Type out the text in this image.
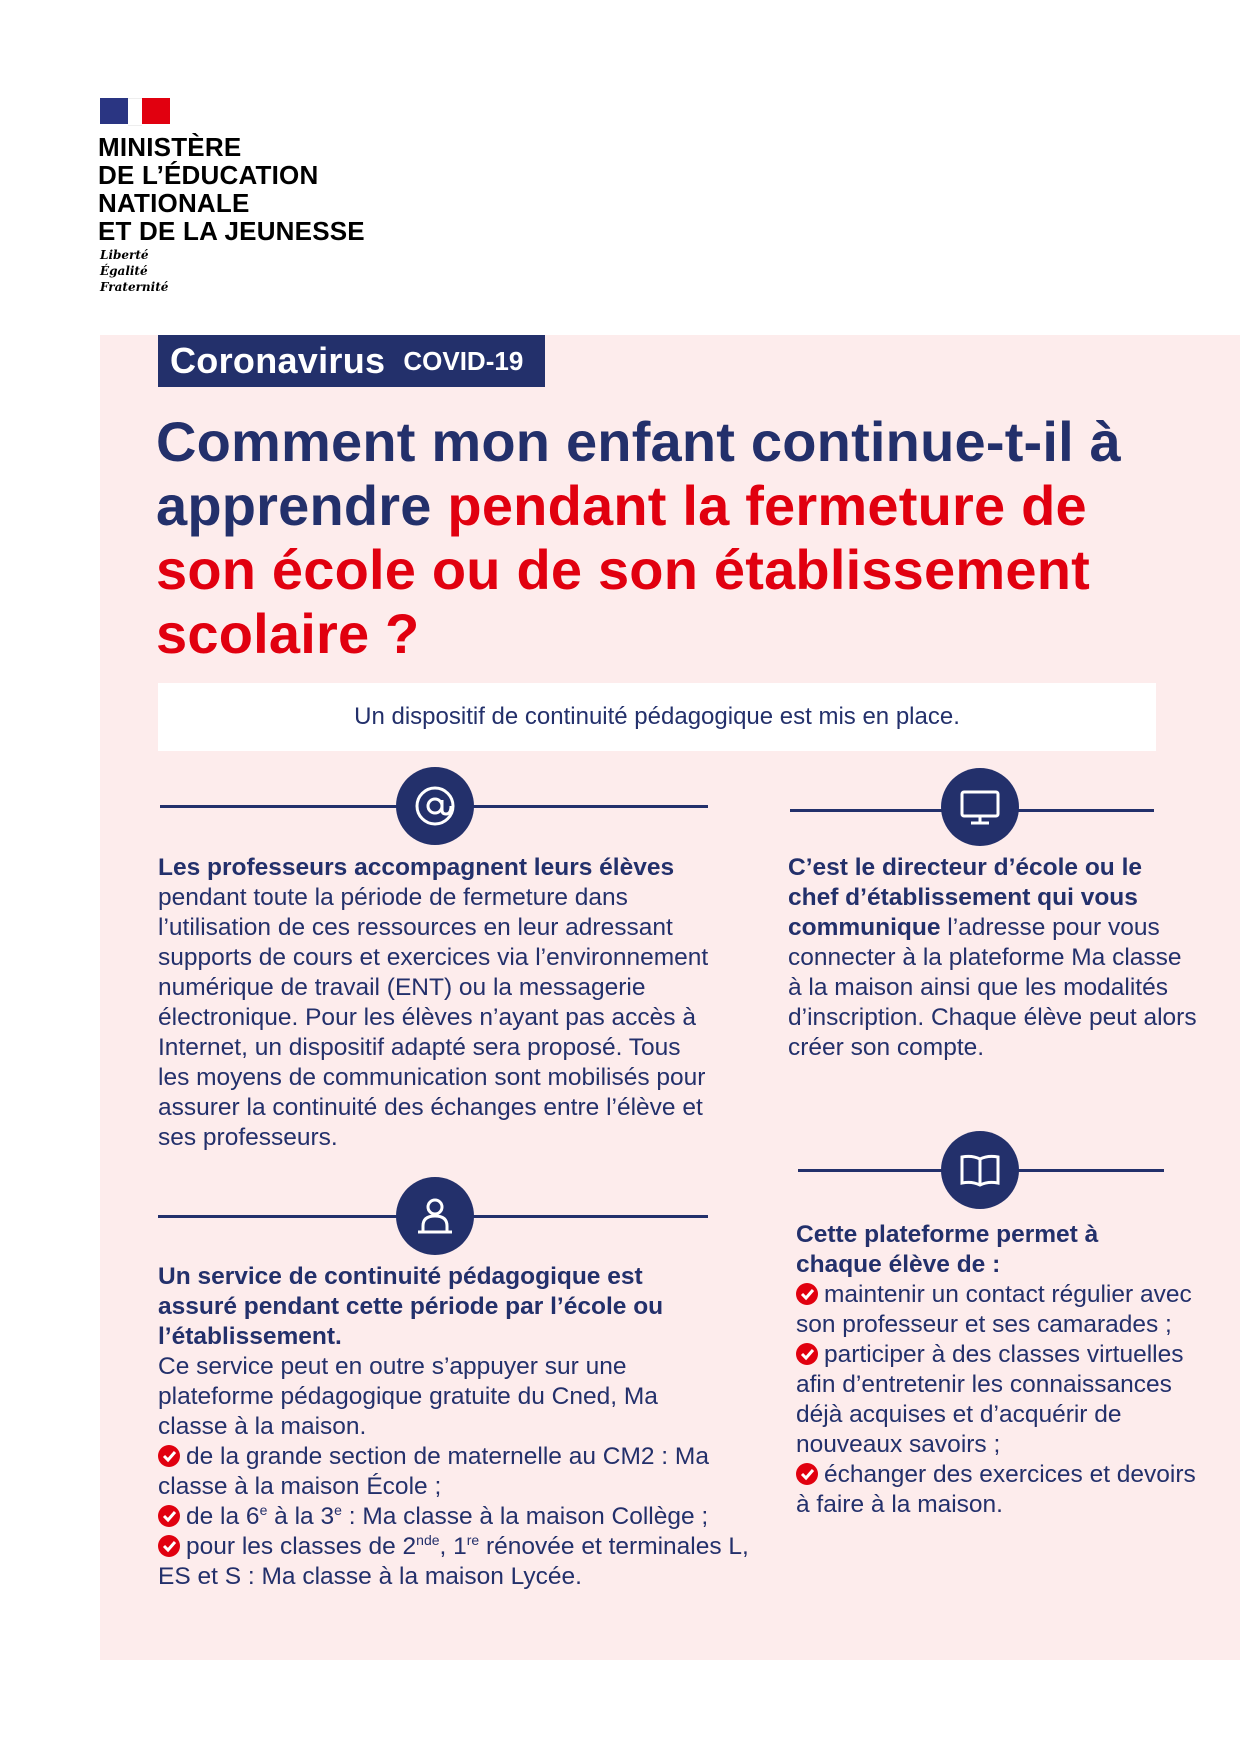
MINISTÈRE
DE L’ÉDUCATION
NATIONALE
ET DE LA JEUNESSE
Liberté
Égalité
Fraternité
Coronavirus COVID-19
Comment mon enfant continue-t-il à apprendre pendant la fermeture de son école ou de son établissement scolaire ?
Un dispositif de continuité pédagogique est mis en place.
Les professeurs accompagnent leurs élèves
pendant toute la période de fermeture dans l’utilisation de ces ressources en leur adressant supports de cours et exercices via l’environnement numérique de travail (ENT) ou la messagerie électronique. Pour les élèves n’ayant pas accès à Internet, un dispositif adapté sera proposé. Tous les moyens de communication sont mobilisés pour assurer la continuité des échanges entre l’élève et ses professeurs.
Un service de continuité pédagogique est assuré pendant cette période par l’école ou l’établissement.
Ce service peut en outre s’appuyer sur une plateforme pédagogique gratuite du Cned, Ma classe à la maison.
de la grande section de maternelle au CM2 : Ma classe à la maison École ;
de la 6e à la 3e : Ma classe à la maison Collège ;
pour les classes de 2nde, 1re rénovée et terminales L, ES et S : Ma classe à la maison Lycée.
C’est le directeur d’école ou le chef d’établissement qui vous communique l’adresse pour vous connecter à la plateforme Ma classe à la maison ainsi que les modalités d’inscription. Chaque élève peut alors créer son compte.
Cette plateforme permet à chaque élève de :
maintenir un contact régulier avec son professeur et ses camarades ;
participer à des classes virtuelles afin d’entretenir les connaissances déjà acquises et d’acquérir de nouveaux savoirs ;
échanger des exercices et devoirs à faire à la maison.
